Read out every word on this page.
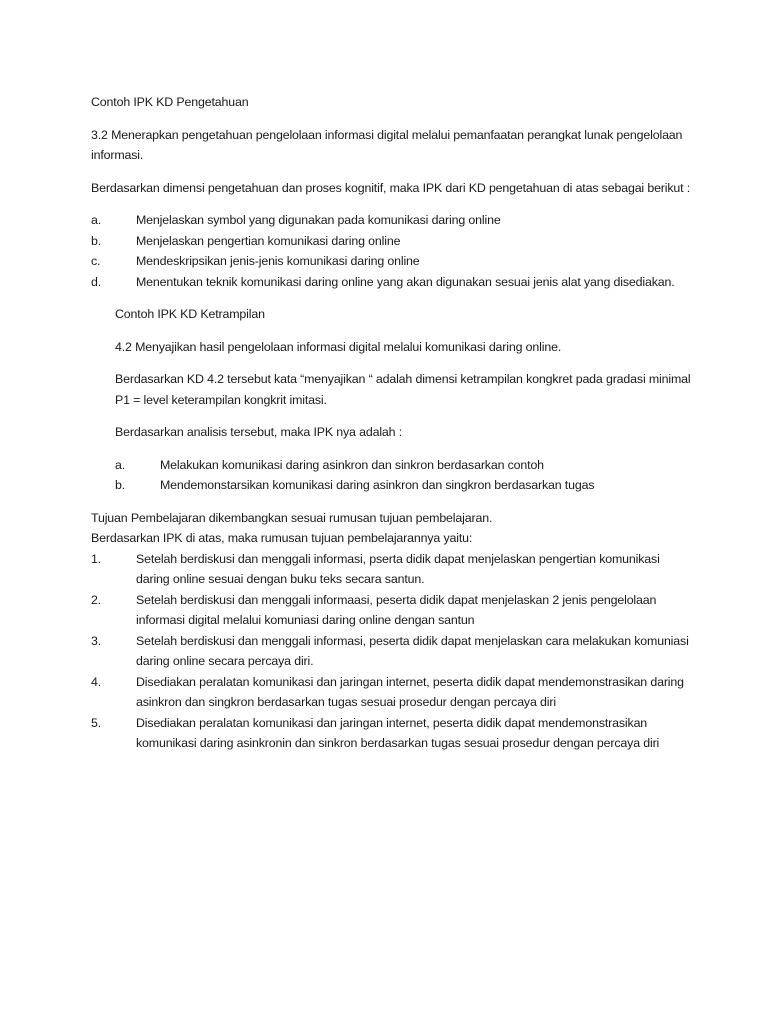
Contoh IPK KD Pengetahuan

3.2 Menerapkan pengetahuan pengelolaan informasi digital melalui pemanfaatan perangkat lunak pengelolaan informasi.

Berdasarkan dimensi pengetahuan dan proses kognitif, maka IPK dari KD pengetahuan di atas sebagai berikut :

a.	Menjelaskan symbol yang digunakan pada komunikasi daring online
b.	Menjelaskan pengertian komunikasi daring online
c.	Mendeskripsikan jenis-jenis komunikasi daring online
d.	Menentukan teknik komunikasi daring online yang akan digunakan sesuai jenis alat yang disediakan.

Contoh IPK KD Ketrampilan

4.2 Menyajikan hasil pengelolaan informasi digital melalui komunikasi daring online.

Berdasarkan KD 4.2 tersebut kata “menyajikan “ adalah dimensi ketrampilan kongkret pada gradasi minimal P1 = level keterampilan kongkrit imitasi.

Berdasarkan analisis tersebut, maka IPK nya adalah :

a.	Melakukan komunikasi daring asinkron dan sinkron berdasarkan contoh
b.	Mendemonstarsikan komunikasi daring asinkron dan singkron berdasarkan tugas

Tujuan Pembelajaran dikembangkan sesuai rumusan tujuan pembelajaran.

Berdasarkan IPK di atas, maka rumusan tujuan pembelajarannya yaitu:

1.	Setelah berdiskusi dan menggali informasi, pserta didik dapat menjelaskan pengertian komunikasi daring online sesuai dengan buku teks secara santun.
2.	Setelah berdiskusi dan menggali informaasi, peserta didik dapat menjelaskan 2 jenis pengelolaan informasi digital melalui komuniasi daring online dengan santun
3.	Setelah berdiskusi dan menggali informasi, peserta didik dapat menjelaskan cara melakukan komuniasi daring online secara percaya diri.
4.	Disediakan peralatan komunikasi dan jaringan internet, peserta didik dapat mendemonstrasikan daring asinkron dan singkron berdasarkan tugas sesuai prosedur dengan percaya diri
5.	Disediakan peralatan komunikasi dan jaringan internet, peserta didik dapat mendemonstrasikan komunikasi daring asinkronin dan sinkron berdasarkan tugas sesuai prosedur dengan percaya diri
